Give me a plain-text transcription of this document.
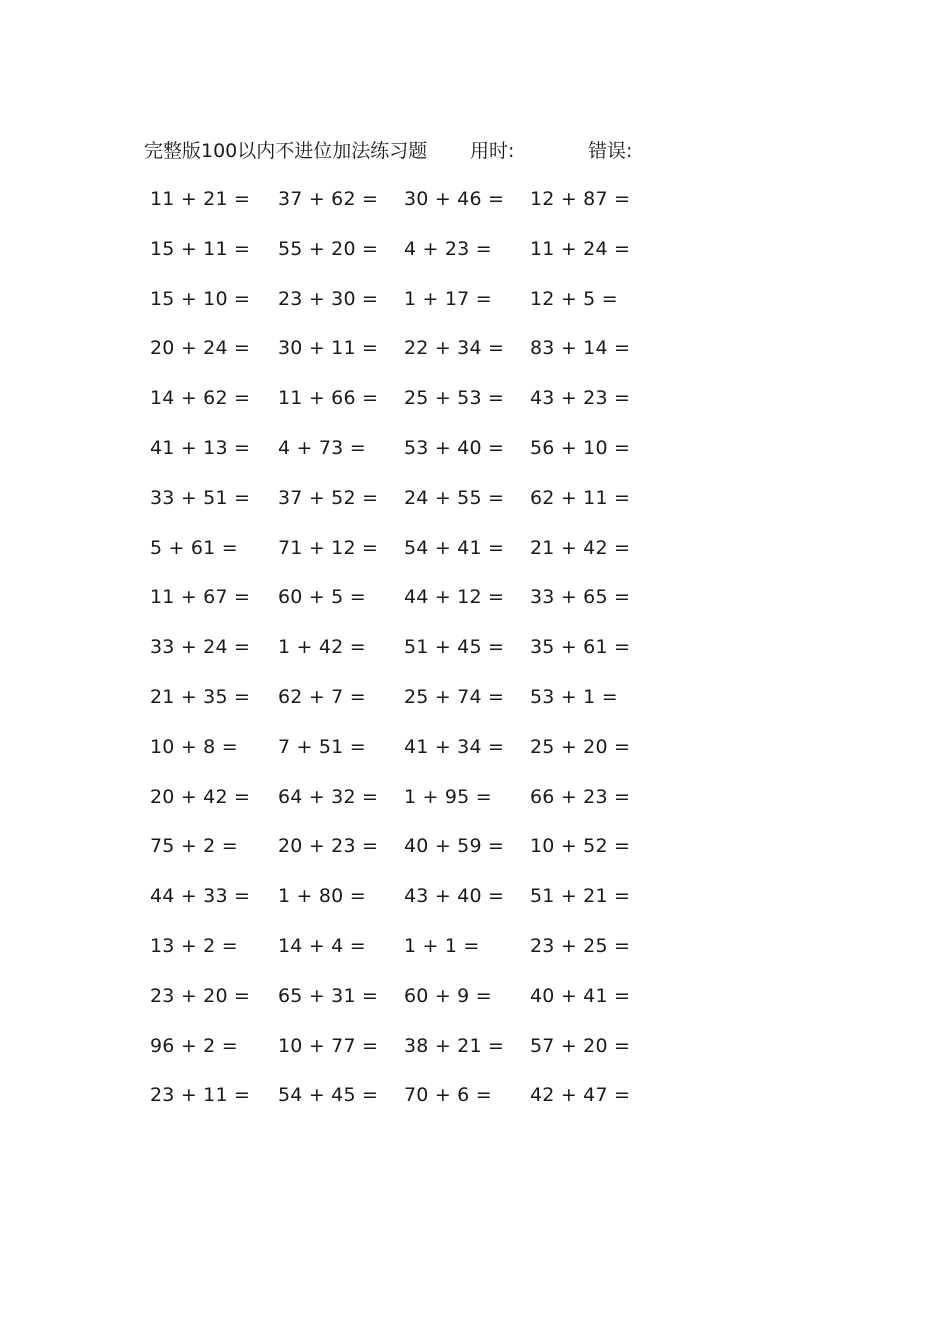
完整版100以内不进位加法练习题 用时:	错误:
11 + 21 =	37 + 62 =	30 + 46 =	12 + 87 =
15 + 11 =	55 + 20 =	4 + 23 =	11 + 24 =
15 + 10 =	23 + 30 =	1 + 17 =	12 + 5 =
20 + 24 =	30 + 11 =	22 + 34 =	83 + 14 =
14 + 62 =	11 + 66 =	25 + 53 =	43 + 23 =
41 + 13 =	4 + 73 =	53 + 40 =	56 + 10 =
33 + 51 =	37 + 52 =	24 + 55 =	62 + 11 =
5 + 61 =	71 + 12 =	54 + 41 =	21 + 42 =
11 + 67 =	60 + 5 =	44 + 12 =	33 + 65 =
33 + 24 =	1 + 42 =	51 + 45 =	35 + 61 =
21 + 35 =	62 + 7 =	25 + 74 =	53 + 1 =
10 + 8 =	7 + 51 =	41 + 34 =	25 + 20 =
20 + 42 =	64 + 32 =	1 + 95 =	66 + 23 =
75 + 2 =	20 + 23 =	40 + 59 =	10 + 52 =
44 + 33 =	1 + 80 =	43 + 40 =	51 + 21 =
13 + 2 =	14 + 4 =	1 + 1 =	23 + 25 =
23 + 20 =	65 + 31 =	60 + 9 =	40 + 41 =
96 + 2 =	10 + 77 =	38 + 21 =	57 + 20 =
23 + 11 =	54 + 45 =	70 + 6 =	42 + 47 =
